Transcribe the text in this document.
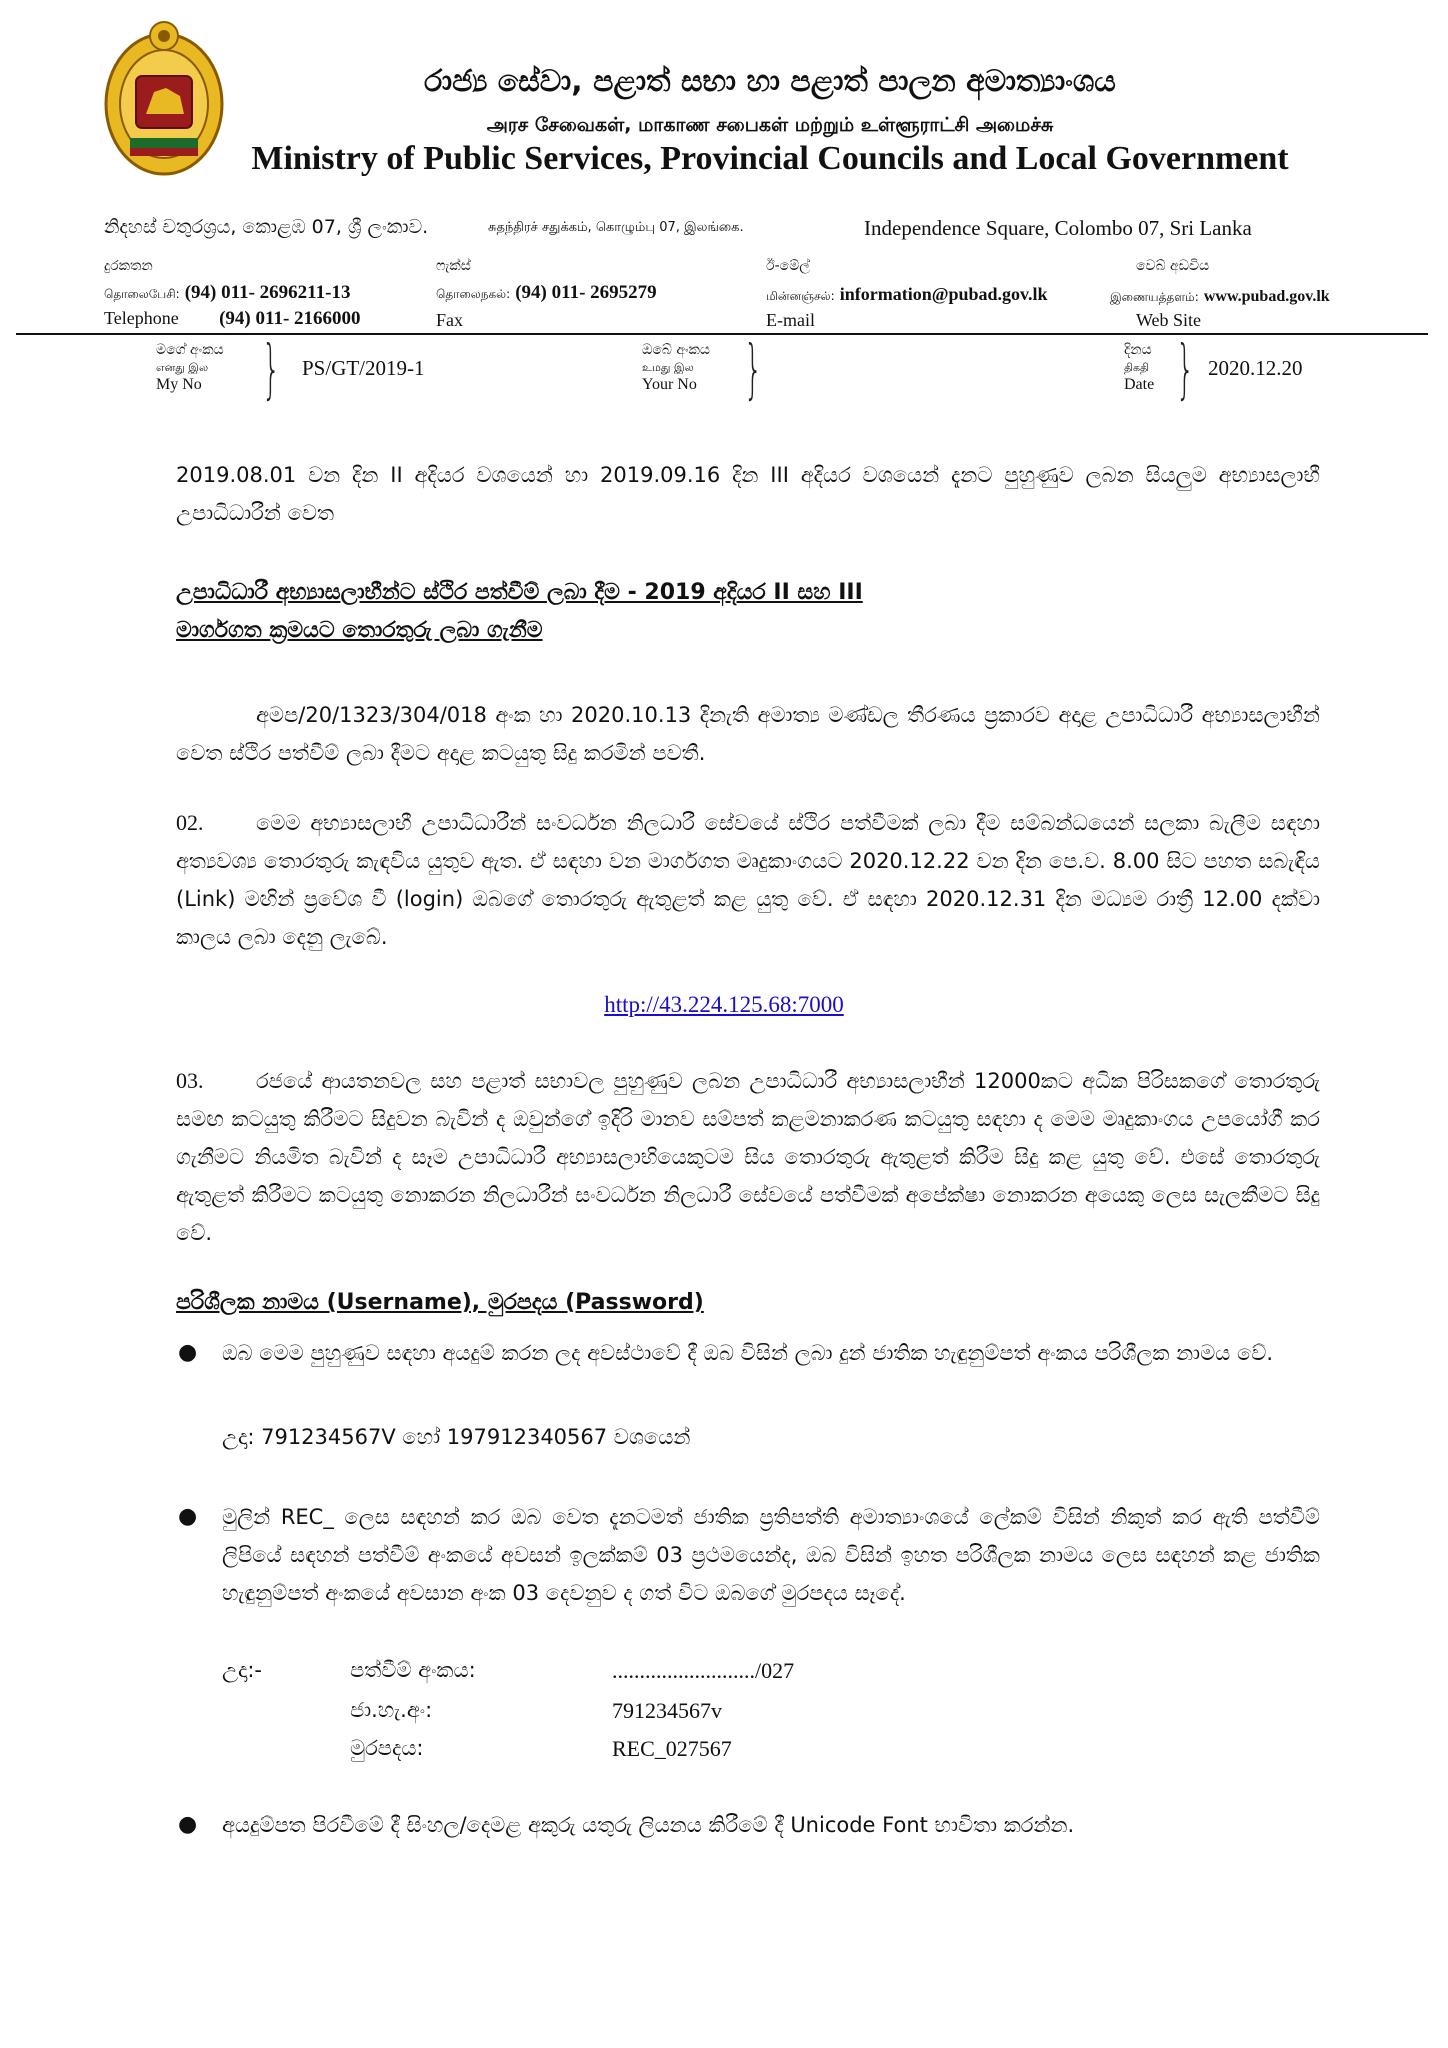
රාජ්‍ය සේවා, පළාත් සභා හා පළාත් පාලන අමාත්‍යාංශය
அரச சேவைகள், மாகாண சபைகள் மற்றும் உள்ளூராட்சி அமைச்சு
Ministry of Public Services, Provincial Councils and Local Government
නිදහස් චතුරශ්‍රය, කොළඹ 07, ශ්‍රී ලංකාව.	சுதந்திரச் சதுக்கம், கொழும்பு 07, இலங்கை.	Independence Square, Colombo 07, Sri Lanka
දුරකතන
தொலைபேசி: (94) 011- 2696211-13
Telephone (94) 011- 2166000
ෆැක්ස්
தொலைநகல்: (94) 011- 2695279
Fax
ඊ-මේල්
மின்னஞ்சல்: information@pubad.gov.lk
E-mail
වෙබ් අඩවිය
இணையத்தளம்: www.pubad.gov.lk
Web Site
මගේ අංකය
எனது இல
My No } PS/GT/2019-1
ඔබේ අංකය
உமது இல
Your No }	දිනය
திகதி
Date } 2020.12.20
2019.08.01 වන දින II අදියර වශයෙන් හා 2019.09.16 දින III අදියර වශයෙන් දැනට පුහුණුව ලබන සියලුම අභ්‍යාසලාභී උපාධිධාරීන් වෙත
උපාධිධාරී අභ්‍යාසලාභීන්ට ස්ථිර පත්වීම් ලබා දීම - 2019 අදියර II සහ III
මාර්ගගත ක්‍රමයට තොරතුරු ලබා ගැනීම
අමප/20/1323/304/018 අංක හා 2020.10.13 දිනැති අමාත්‍ය මණ්ඩල තීරණය ප්‍රකාරව අදාළ උපාධිධාරී අභ්‍යාසලාභීන් වෙත ස්ථිර පත්වීම් ලබා දීමට අදාළ කටයුතු සිදු කරමින් පවතී.
02.	මෙම අභ්‍යාසලාභී උපාධිධාරීන් සංවර්ධන නිලධාරී සේවයේ ස්ථිර පත්වීමක් ලබා දීම සම්බන්ධයෙන් සලකා බැලීම සඳහා අත්‍යවශ්‍ය තොරතුරු කැඳවිය යුතුව ඇත. ඒ සඳහා වන මාර්ගගත මෘදුකාංගයට 2020.12.22 වන දින පෙ.ව. 8.00 සිට පහත සබැඳිය (Link) මඟින් ප්‍රවේශ වී (login) ඔබගේ තොරතුරු ඇතුළත් කළ යුතු වේ. ඒ සඳහා 2020.12.31 දින මධ්‍යම රාත්‍රී 12.00 දක්වා කාලය ලබා දෙනු ලැබේ.
http://43.224.125.68:7000
03.	රජයේ ආයතනවල සහ පළාත් සභාවල පුහුණුව ලබන උපාධිධාරී අභ්‍යාසලාභීන් 12000කට අධික පිරිසකගේ තොරතුරු සමඟ කටයුතු කිරීමට සිදුවන බැවින් ද ඔවුන්ගේ ඉදිරි මානව සම්පත් කළමනාකරණ කටයුතු සඳහා ද මෙම මෘදුකාංගය උපයෝගී කර ගැනීමට නියමිත බැවින් ද සෑම උපාධිධාරී අභ්‍යාසලාභියෙකුටම සිය තොරතුරු ඇතුළත් කිරීම සිදු කළ යුතු වේ. එසේ තොරතුරු ඇතුළත් කිරීමට කටයුතු නොකරන නිලධාරීන් සංවර්ධන නිලධාරී සේවයේ පත්වීමක් අපේක්ෂා නොකරන අයෙකු ලෙස සැලකීමට සිදු වේ.
පරිශීලක නාමය (Username), මුරපදය (Password)
● ඔබ මෙම පුහුණුව සඳහා අයදුම් කරන ලද අවස්ථාවේ දී ඔබ විසින් ලබා දුන් ජාතික හැඳුනුම්පත් අංකය පරිශීලක නාමය වේ.
උදා: 791234567V හෝ 197912340567 වශයෙන්
● මුලින් REC_ ලෙස සඳහන් කර ඔබ වෙත දැනටමත් ජාතික ප්‍රතිපත්ති අමාත්‍යාංශයේ ලේකම් විසින් නිකුත් කර ඇති පත්වීම් ලිපියේ සඳහන් පත්වීම් අංකයේ අවසන් ඉලක්කම් 03 ප්‍රථමයෙන්ද, ඔබ විසින් ඉහත පරිශීලක නාමය ලෙස සඳහන් කළ ජාතික හැඳුනුම්පත් අංකයේ අවසාන අංක 03 දෙවනුව ද ගත් විට ඔබගේ මුරපදය සෑදේ.
උදා:-	පත්වීම් අංකය:	........................../027
ජා.හැ.අං:	791234567v
මුරපදය:	REC_027567
● අයදුම්පත පිරවීමේ දී සිංහල/දෙමළ අකුරු යතුරු ලියනය කිරීමේ දී Unicode Font භාවිතා කරන්න.
